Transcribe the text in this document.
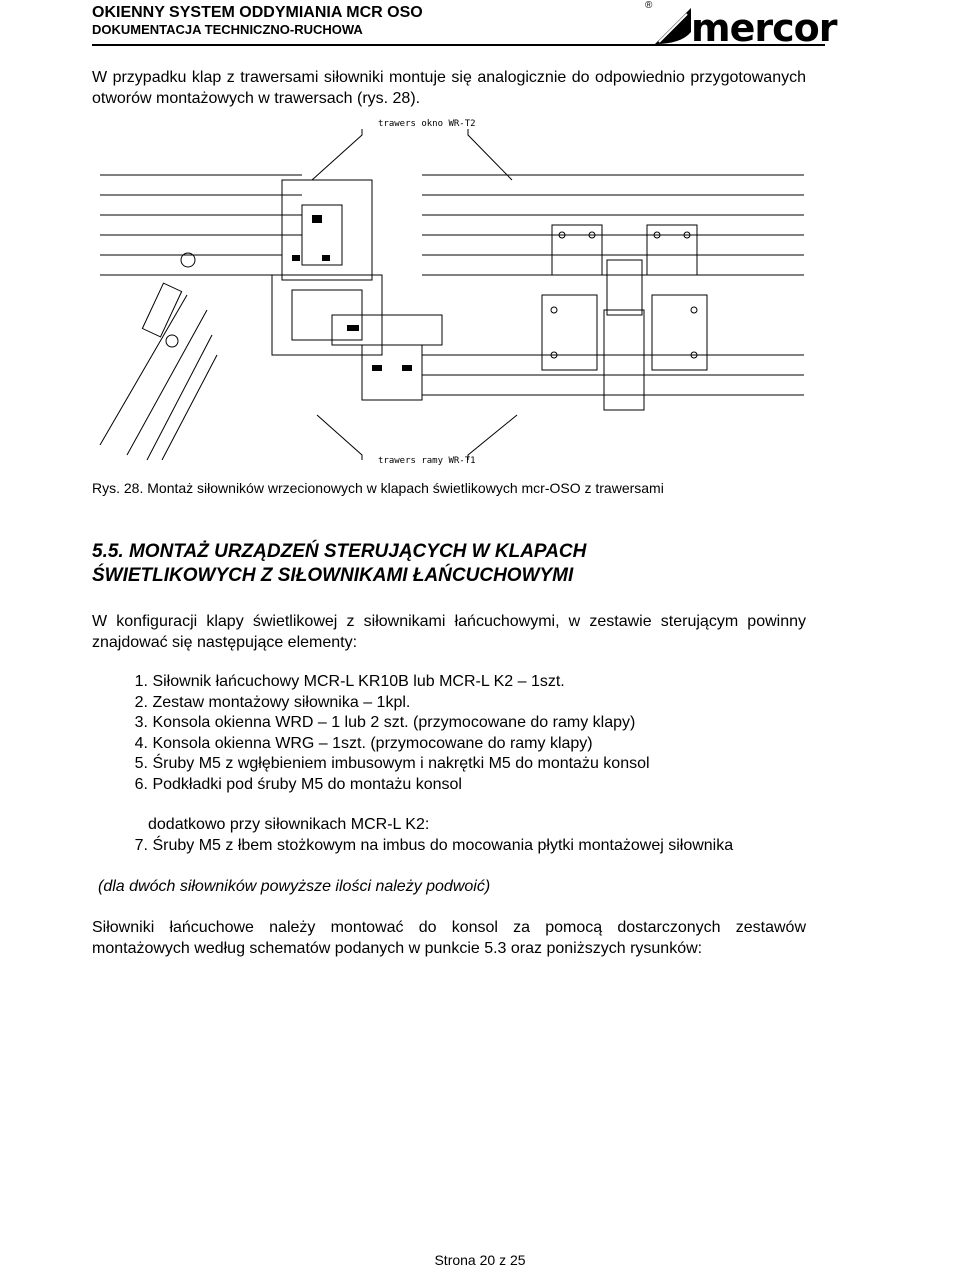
OKIENNY SYSTEM ODDYMIANIA MCR OSO
DOKUMENTACJA TECHNICZNO-RUCHOWA
®
mercor

W przypadku klap z trawersami siłowniki montuje się analogicznie do odpowiednio przygotowanych otworów montażowych w trawersach (rys. 28).

trawers okno WR-T2
trawers ramy WR-T1
Rys. 28. Montaż siłowników wrzecionowych w klapach świetlikowych mcr-OSO z trawersami
5.5. MONTAŻ URZĄDZEŃ STERUJĄCYCH W KLAPACH
ŚWIETLIKOWYCH Z SIŁOWNIKAMI ŁAŃCUCHOWYMI

W konfiguracji klapy świetlikowej z siłownikami łańcuchowymi, w zestawie sterującym powinny znajdować się następujące elementy:

1.
Siłownik łańcuchowy MCR-L KR10B lub MCR-L K2 – 1szt.
2.
Zestaw montażowy siłownika – 1kpl.
3.
Konsola okienna WRD – 1 lub 2 szt. (przymocowane do ramy klapy)
4.
Konsola okienna WRG – 1szt. (przymocowane do ramy klapy)
5.
Śruby M5 z wgłębieniem imbusowym i nakrętki M5 do montażu konsol
6.
Podkładki pod śruby M5 do montażu konsol
dodatkowo przy siłownikach MCR-L K2:
7.
Śruby M5 z łbem stożkowym na imbus do mocowania płytki montażowej siłownika
(dla dwóch siłowników powyższe ilości należy podwoić)

Siłowniki łańcuchowe należy montować do konsol za pomocą dostarczonych zestawów montażowych według schematów podanych w punkcie 5.3 oraz poniższych rysunków:

Strona 20 z 25
